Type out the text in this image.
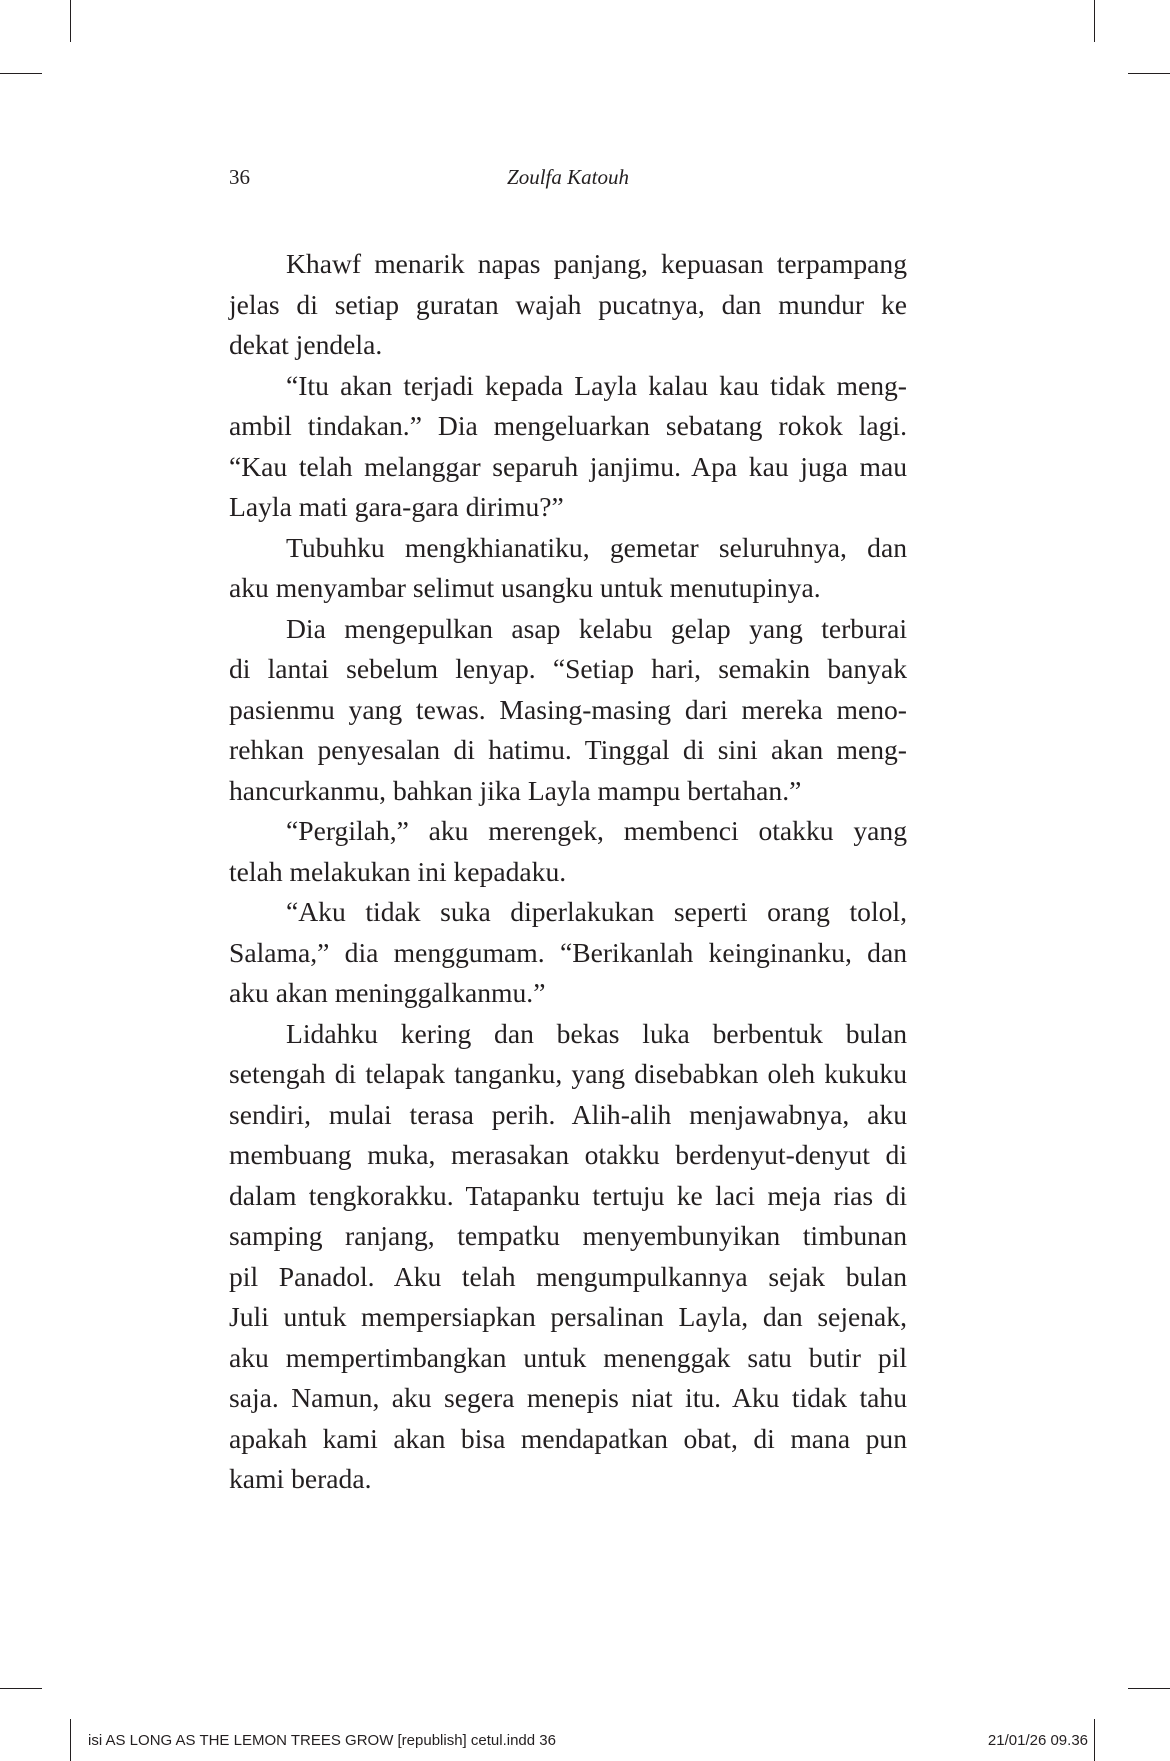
36	Zoulfa Katouh
Khawf menarik napas panjang, kepuasan terpampang
jelas di setiap guratan wajah pucatnya, dan mundur ke
dekat jendela.
“Itu akan terjadi kepada Layla kalau kau tidak meng-
ambil tindakan.” Dia mengeluarkan sebatang rokok lagi.
“Kau telah melanggar separuh janjimu. Apa kau juga mau
Layla mati gara-gara dirimu?”
Tubuhku mengkhianatiku, gemetar seluruhnya, dan
aku menyambar selimut usangku untuk menutupinya.
Dia mengepulkan asap kelabu gelap yang terburai
di lantai sebelum lenyap. “Setiap hari, semakin banyak
pasienmu yang tewas. Masing-masing dari mereka meno-
rehkan penyesalan di hatimu. Tinggal di sini akan meng-
hancurkanmu, bahkan jika Layla mampu bertahan.”
“Pergilah,” aku merengek, membenci otakku yang
telah melakukan ini kepadaku.
“Aku tidak suka diperlakukan seperti orang tolol,
Salama,” dia menggumam. “Berikanlah keinginanku, dan
aku akan meninggalkanmu.”
Lidahku kering dan bekas luka berbentuk bulan
setengah di telapak tanganku, yang disebabkan oleh kukuku
sendiri, mulai terasa perih. Alih-alih menjawabnya, aku
membuang muka, merasakan otakku berdenyut-denyut di
dalam tengkorakku. Tatapanku tertuju ke laci meja rias di
samping ranjang, tempatku menyembunyikan timbunan
pil Panadol. Aku telah mengumpulkannya sejak bulan
Juli untuk mempersiapkan persalinan Layla, dan sejenak,
aku mempertimbangkan untuk menenggak satu butir pil
saja. Namun, aku segera menepis niat itu. Aku tidak tahu
apakah kami akan bisa mendapatkan obat, di mana pun
kami berada.
isi AS LONG AS THE LEMON TREES GROW [republish] cetul.indd 36	21/01/26 09.36
